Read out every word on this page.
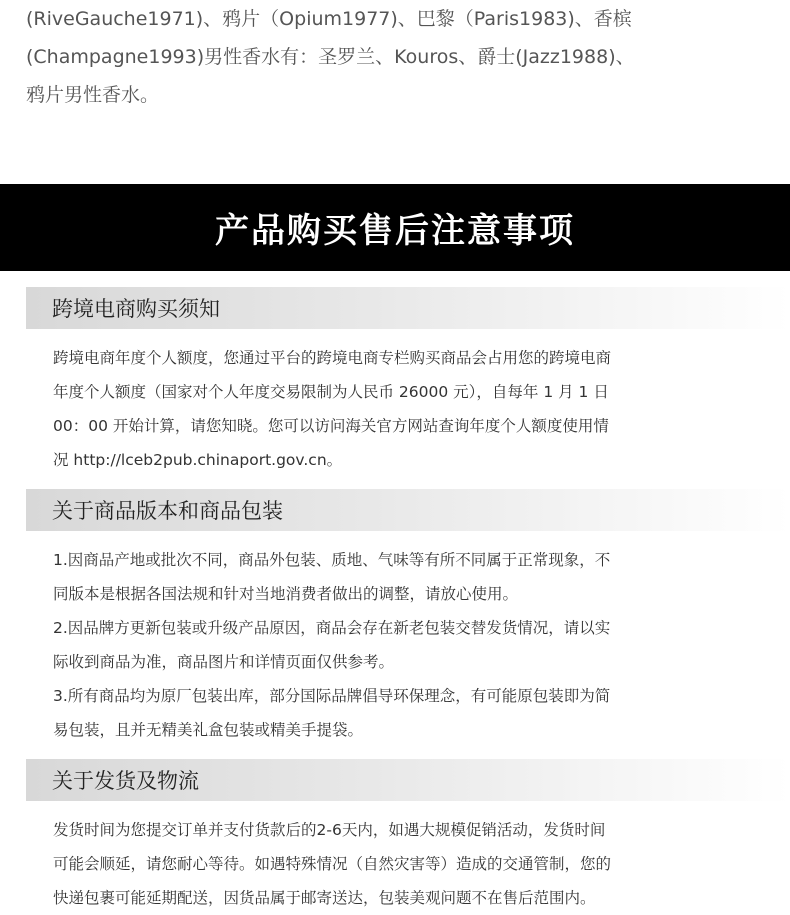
(RiveGauche1971)、鸦片（Opium1977)、巴黎（Paris1983)、香槟

(Champagne1993)男性香水有：圣罗兰、Kouros、爵士(Jazz1988)、

鸦片男性香水。

产品购买售后注意事项
跨境电商购买须知

跨境电商年度个人额度，您通过平台的跨境电商专栏购买商品会占用您的跨境电商

年度个人额度（国家对个人年度交易限制为人民币 26000 元），自每年 1 月 1 日

00：00 开始计算，请您知晓。您可以访问海关官方网站查询年度个人额度使用情

况 http://lceb2pub.chinaport.gov.cn。

关于商品版本和商品包装

1.因商品产地或批次不同，商品外包装、质地、气味等有所不同属于正常现象，不

同版本是根据各国法规和针对当地消费者做出的调整，请放心使用。

2.因品牌方更新包装或升级产品原因，商品会存在新老包装交替发货情况，请以实

际收到商品为准，商品图片和详情页面仅供参考。

3.所有商品均为原厂包装出库，部分国际品牌倡导环保理念，有可能原包装即为简

易包装，且并无精美礼盒包装或精美手提袋。

关于发货及物流

发货时间为您提交订单并支付货款后的2-6天内，如遇大规模促销活动，发货时间

可能会顺延，请您耐心等待。如遇特殊情况（自然灾害等）造成的交通管制，您的

快递包裹可能延期配送，因货品属于邮寄送达，包装美观问题不在售后范围内。
